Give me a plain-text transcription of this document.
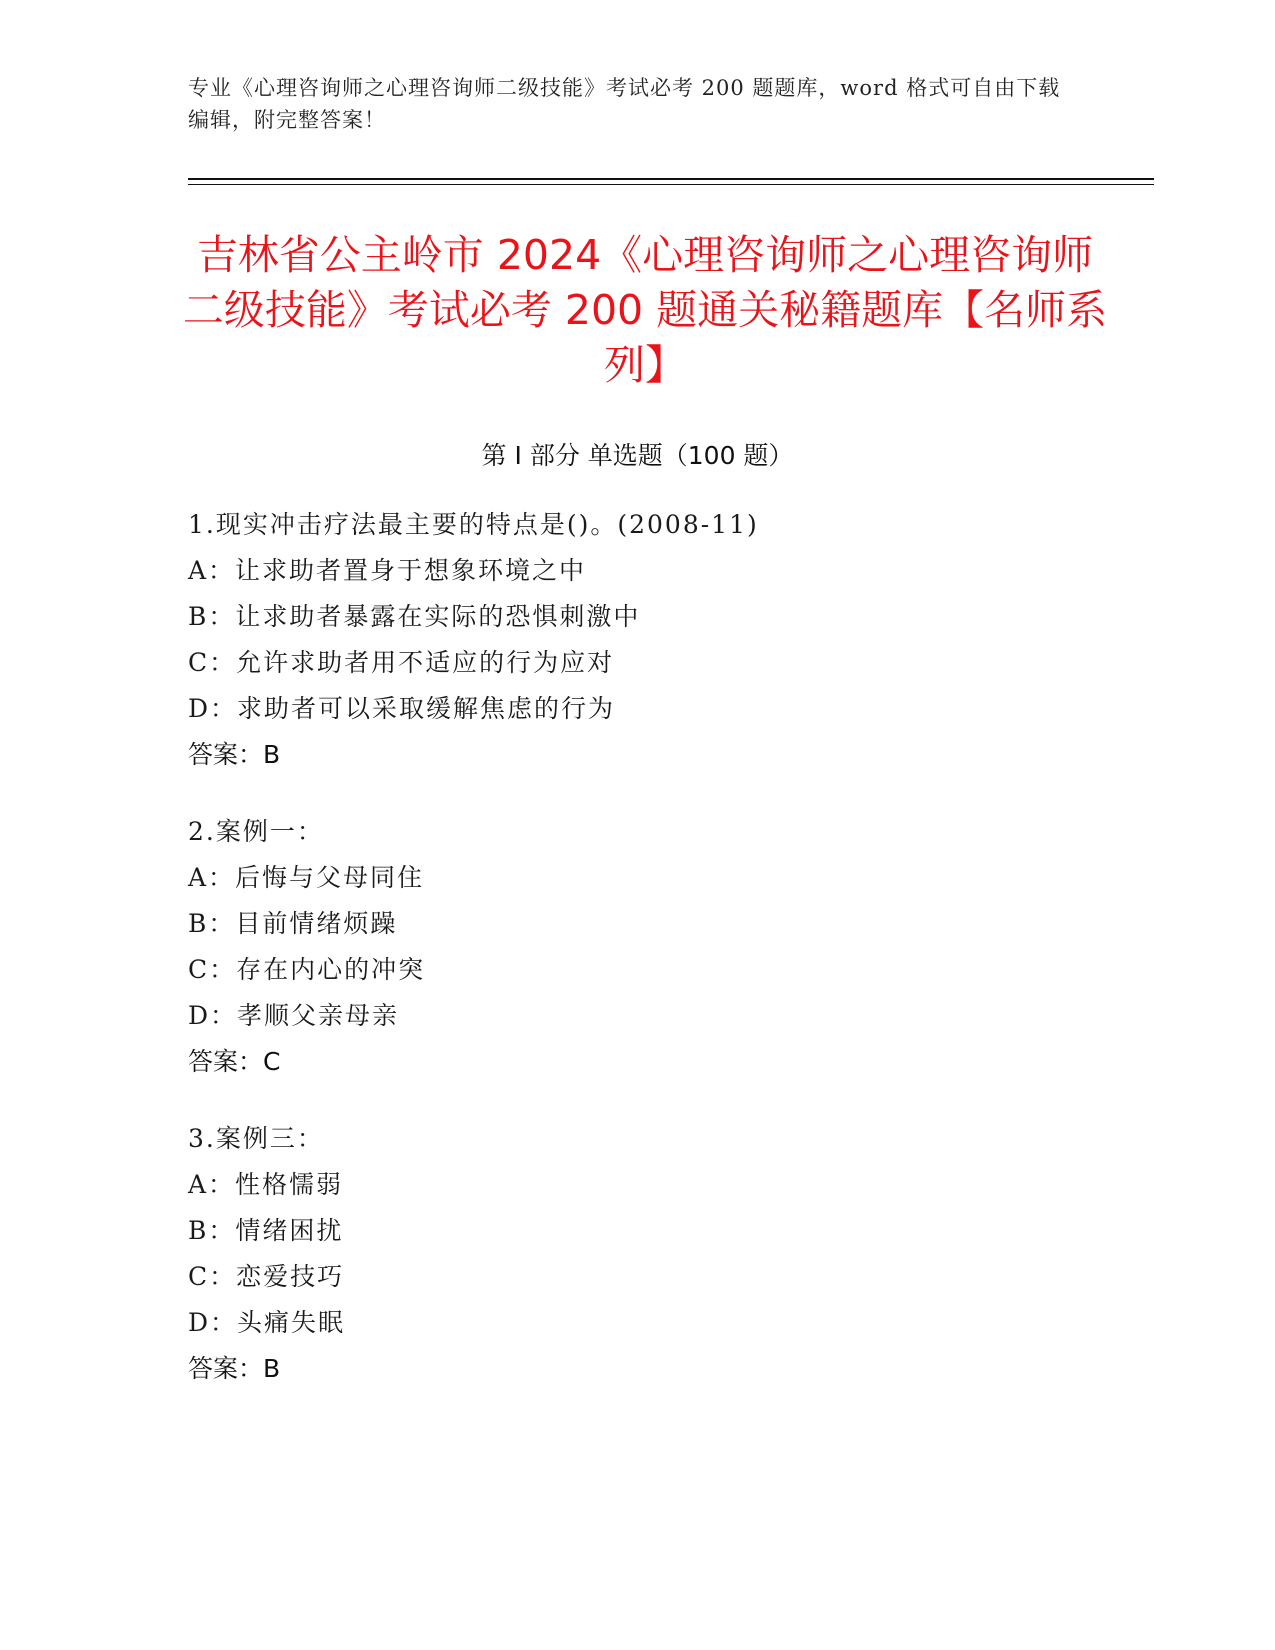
专业《心理咨询师之心理咨询师二级技能》考试必考 200 题题库，word 格式可自由下载编辑，附完整答案！
吉林省公主岭市 2024《心理咨询师之心理咨询师二级技能》考试必考 200 题通关秘籍题库【名师系列】
第 I 部分 单选题（100 题）
1.现实冲击疗法最主要的特点是()。(2008-11)
A：让求助者置身于想象环境之中
B：让求助者暴露在实际的恐惧刺激中
C：允许求助者用不适应的行为应对
D：求助者可以采取缓解焦虑的行为
答案：B
2.案例一：
A：后悔与父母同住
B：目前情绪烦躁
C：存在内心的冲突
D：孝顺父亲母亲
答案：C
3.案例三：
A：性格懦弱
B：情绪困扰
C：恋爱技巧
D：头痛失眠
答案：B
